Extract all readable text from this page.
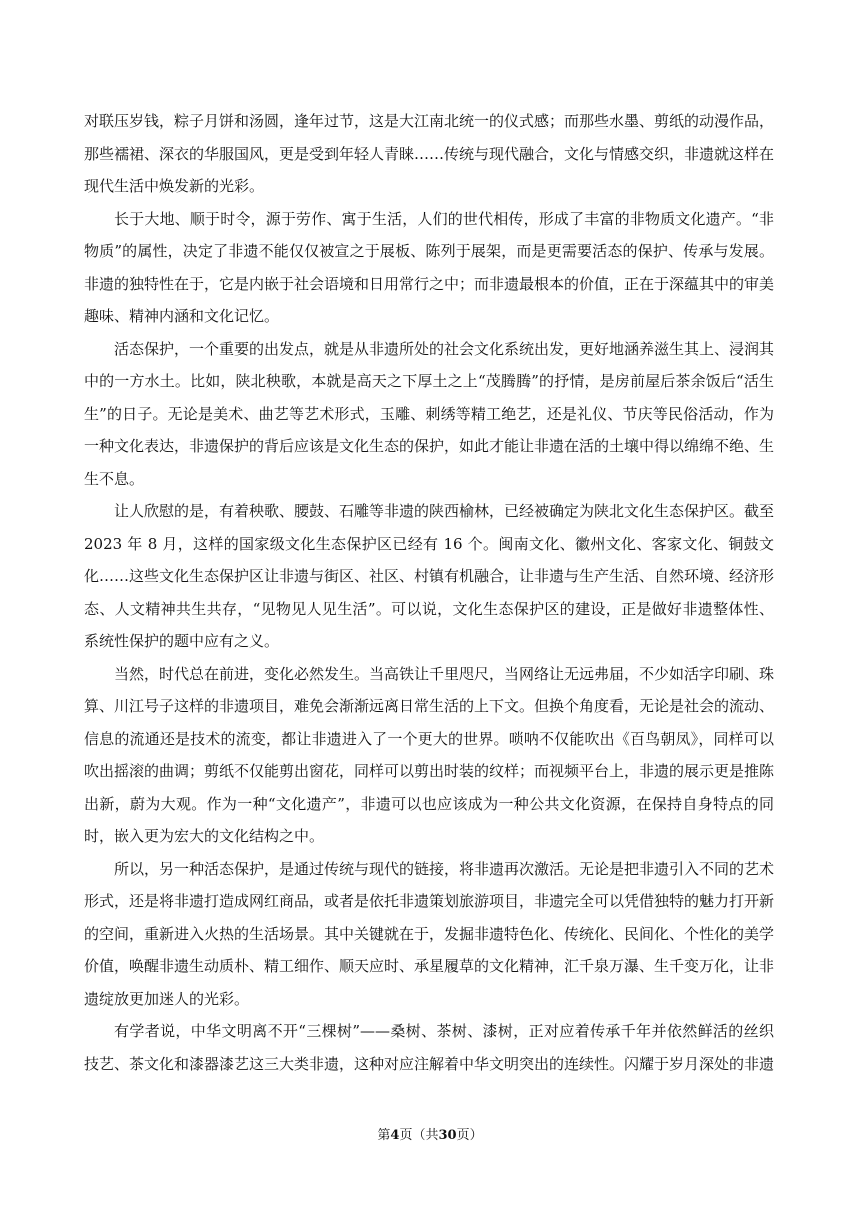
对联压岁钱，粽子月饼和汤圆，逢年过节，这是大江南北统一的仪式感；而那些水墨、剪纸的动漫作品，那些襦裙、深衣的华服国风，更是受到年轻人青睐……传统与现代融合，文化与情感交织，非遗就这样在现代生活中焕发新的光彩。

长于大地、顺于时令，源于劳作、寓于生活，人们的世代相传，形成了丰富的非物质文化遗产。“非物质”的属性，决定了非遗不能仅仅被宣之于展板、陈列于展架，而是更需要活态的保护、传承与发展。非遗的独特性在于，它是内嵌于社会语境和日用常行之中；而非遗最根本的价值，正在于深蕴其中的审美趣味、精神内涵和文化记忆。

活态保护，一个重要的出发点，就是从非遗所处的社会文化系统出发，更好地涵养滋生其上、浸润其中的一方水土。比如，陕北秧歌，本就是高天之下厚土之上“茂腾腾”的抒情，是房前屋后茶余饭后“活生生”的日子。无论是美术、曲艺等艺术形式，玉雕、刺绣等精工绝艺，还是礼仪、节庆等民俗活动，作为一种文化表达，非遗保护的背后应该是文化生态的保护，如此才能让非遗在活的土壤中得以绵绵不绝、生生不息。

让人欣慰的是，有着秧歌、腰鼓、石雕等非遗的陕西榆林，已经被确定为陕北文化生态保护区。截至 2023 年 8 月，这样的国家级文化生态保护区已经有 16 个。闽南文化、徽州文化、客家文化、铜鼓文化……这些文化生态保护区让非遗与街区、社区、村镇有机融合，让非遗与生产生活、自然环境、经济形态、人文精神共生共存，“见物见人见生活”。可以说，文化生态保护区的建设，正是做好非遗整体性、系统性保护的题中应有之义。

当然，时代总在前进，变化必然发生。当高铁让千里咫尺，当网络让无远弗届，不少如活字印刷、珠算、川江号子这样的非遗项目，难免会渐渐远离日常生活的上下文。但换个角度看，无论是社会的流动、信息的流通还是技术的流变，都让非遗进入了一个更大的世界。唢呐不仅能吹出《百鸟朝凤》，同样可以吹出摇滚的曲调；剪纸不仅能剪出窗花，同样可以剪出时装的纹样；而视频平台上，非遗的展示更是推陈出新，蔚为大观。作为一种“文化遗产”，非遗可以也应该成为一种公共文化资源，在保持自身特点的同时，嵌入更为宏大的文化结构之中。

所以，另一种活态保护，是通过传统与现代的链接，将非遗再次激活。无论是把非遗引入不同的艺术形式，还是将非遗打造成网红商品，或者是依托非遗策划旅游项目，非遗完全可以凭借独特的魅力打开新的空间，重新进入火热的生活场景。其中关键就在于，发掘非遗特色化、传统化、民间化、个性化的美学价值，唤醒非遗生动质朴、精工细作、顺天应时、承星履草的文化精神，汇千泉万瀑、生千变万化，让非遗绽放更加迷人的光彩。

有学者说，中华文明离不开“三棵树”——桑树、茶树、漆树，正对应着传承千年并依然鲜活的丝织技艺、茶文化和漆器漆艺这三大类非遗，这种对应注解着中华文明突出的连续性。闪耀于岁月深处的非遗

第4页（共30页）
